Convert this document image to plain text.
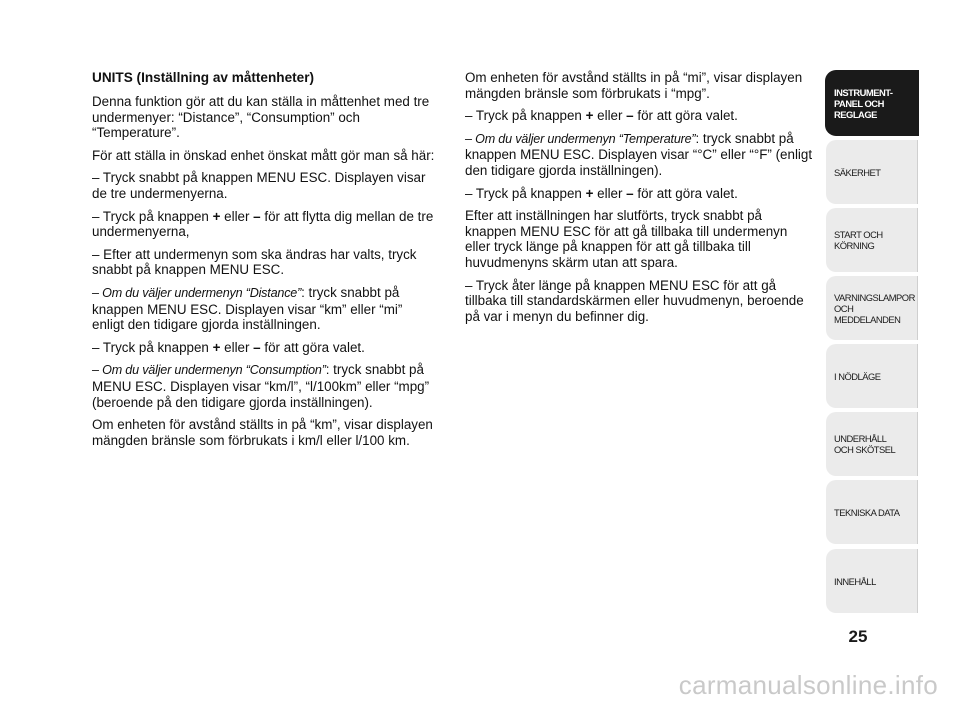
UNITS (Inställning av måttenheter)

Denna funktion gör att du kan ställa in måttenhet med tre undermenyer: “Distance”, “Consumption” och “Temperature”.

För att ställa in önskad enhet önskat mått gör man så här:

– Tryck snabbt på knappen MENU ESC. Displayen visar de tre undermenyerna.

– Tryck på knappen + eller – för att flytta dig mellan de tre undermenyerna,

– Efter att undermenyn som ska ändras har valts, tryck snabbt på knappen MENU ESC.

– Om du väljer undermenyn “Distance”: tryck snabbt på knappen MENU ESC. Displayen visar “km” eller “mi” enligt den tidigare gjorda inställningen.

– Tryck på knappen + eller – för att göra valet.

– Om du väljer undermenyn “Consumption”: tryck snabbt på MENU ESC. Displayen visar “km/l”, “l/100km” eller “mpg” (beroende på den tidigare gjorda inställningen).

Om enheten för avstånd ställts in på “km”, visar displayen mängden bränsle som förbrukats i km/l eller l/100 km.

Om enheten för avstånd ställts in på “mi”, visar displayen mängden bränsle som förbrukats i “mpg”.

– Tryck på knappen + eller – för att göra valet.

– Om du väljer undermenyn “Temperature”: tryck snabbt på knappen MENU ESC. Displayen visar “°C” eller “°F” (enligt den tidigare gjorda inställningen).

– Tryck på knappen + eller – för att göra valet.

Efter att inställningen har slutförts, tryck snabbt på knappen MENU ESC för att gå tillbaka till undermenyn eller tryck länge på knappen för att gå tillbaka till huvudmenyns skärm utan att spara.

– Tryck åter länge på knappen MENU ESC för att gå tillbaka till standardskärmen eller huvudmenyn, beroende på var i menyn du befinner dig.

INSTRUMENT-
PANEL OCH
REGLAGE
SÄKERHET
START OCH
KÖRNING
VARNINGSLAMPOR
OCH
MEDDELANDEN
I NÖDLÄGE
UNDERHÅLL
OCH SKÖTSEL
TEKNISKA DATA
INNEHÅLL
25
carmanualsonline.info
